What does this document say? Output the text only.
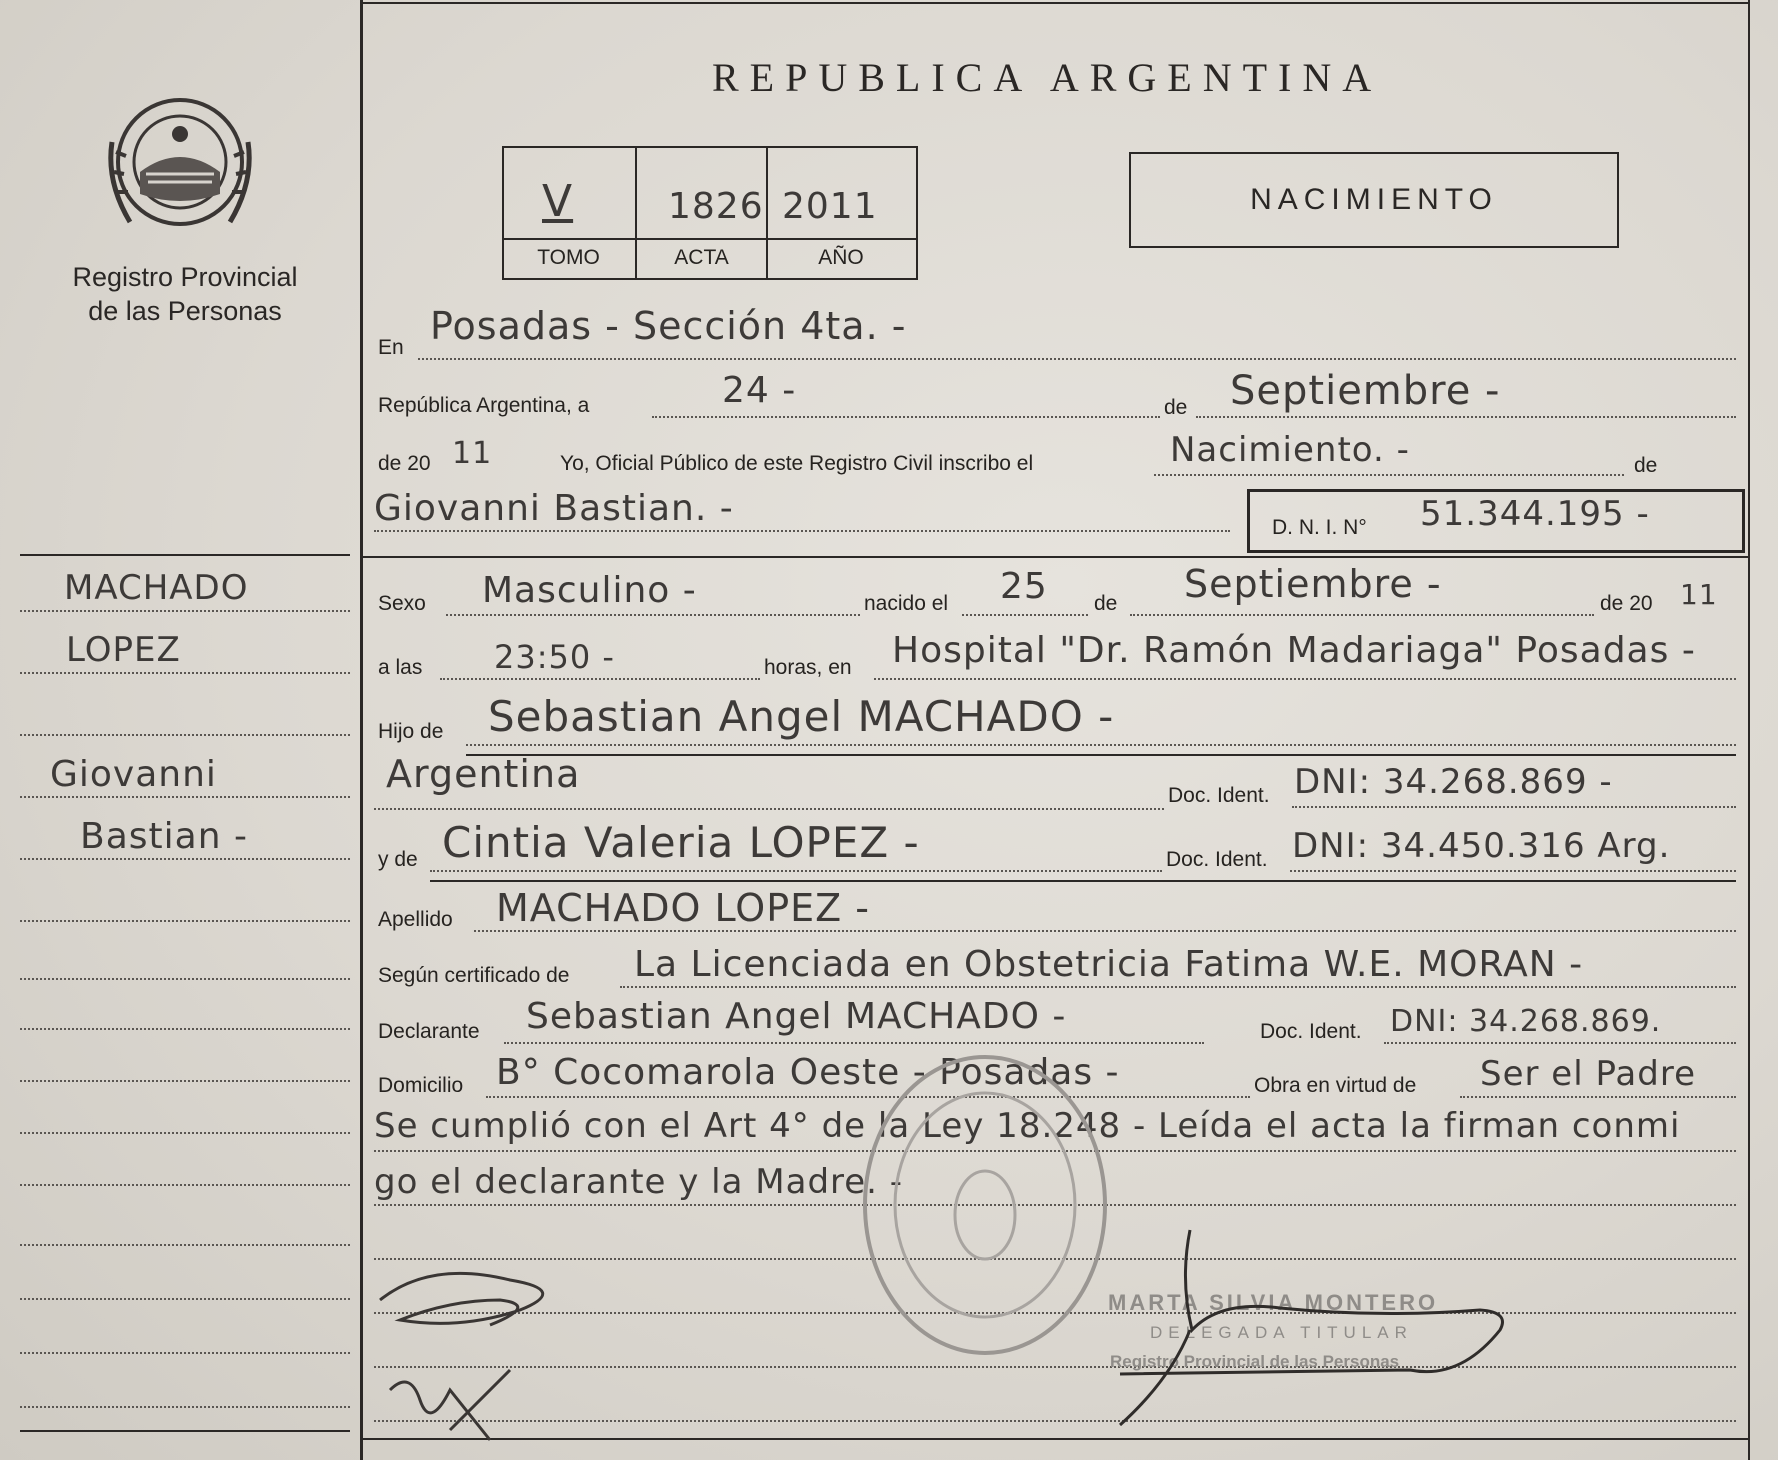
Registro Provincial
de las Personas
MACHADO
LOPEZ
Giovanni
Bastian -
REPUBLICA ARGENTINA
V	1826 2011
TOMO	ACTA	AÑO
NACIMIENTO
En Posadas - Sección 4ta. -
República Argentina, a	24 -	de Septiembre -
de 20 11	Yo, Oficial Público de este Registro Civil inscribo el	Nacimiento. -	de
Giovanni Bastian. -	D. N. I. N° 51.344.195 -
Sexo Masculino -	nacido el 25 de Septiembre -	de 20 11
a las 23:50 -	horas, en Hospital "Dr. Ramón Madariaga" Posadas -
Hijo de Sebastian Angel MACHADO -
Argentina	Doc. Ident. DNI: 34.268.869 -
y de Cintia Valeria LOPEZ -	Doc. Ident. DNI: 34.450.316 Arg.
Apellido MACHADO LOPEZ -
Según certificado de La Licenciada en Obstetricia Fatima W.E. MORAN -
Declarante Sebastian Angel MACHADO -	Doc. Ident. DNI: 34.268.869.
Domicilio B° Cocomarola Oeste - Posadas -	Obra en virtud de Ser el Padre
Se cumplió con el Art 4° de la Ley 18.248 - Leída el acta la firman conmi
go el declarante y la Madre. -
MARTA SILVIA MONTERO
DELEGADA TITULAR
Registro Provincial de las Personas
